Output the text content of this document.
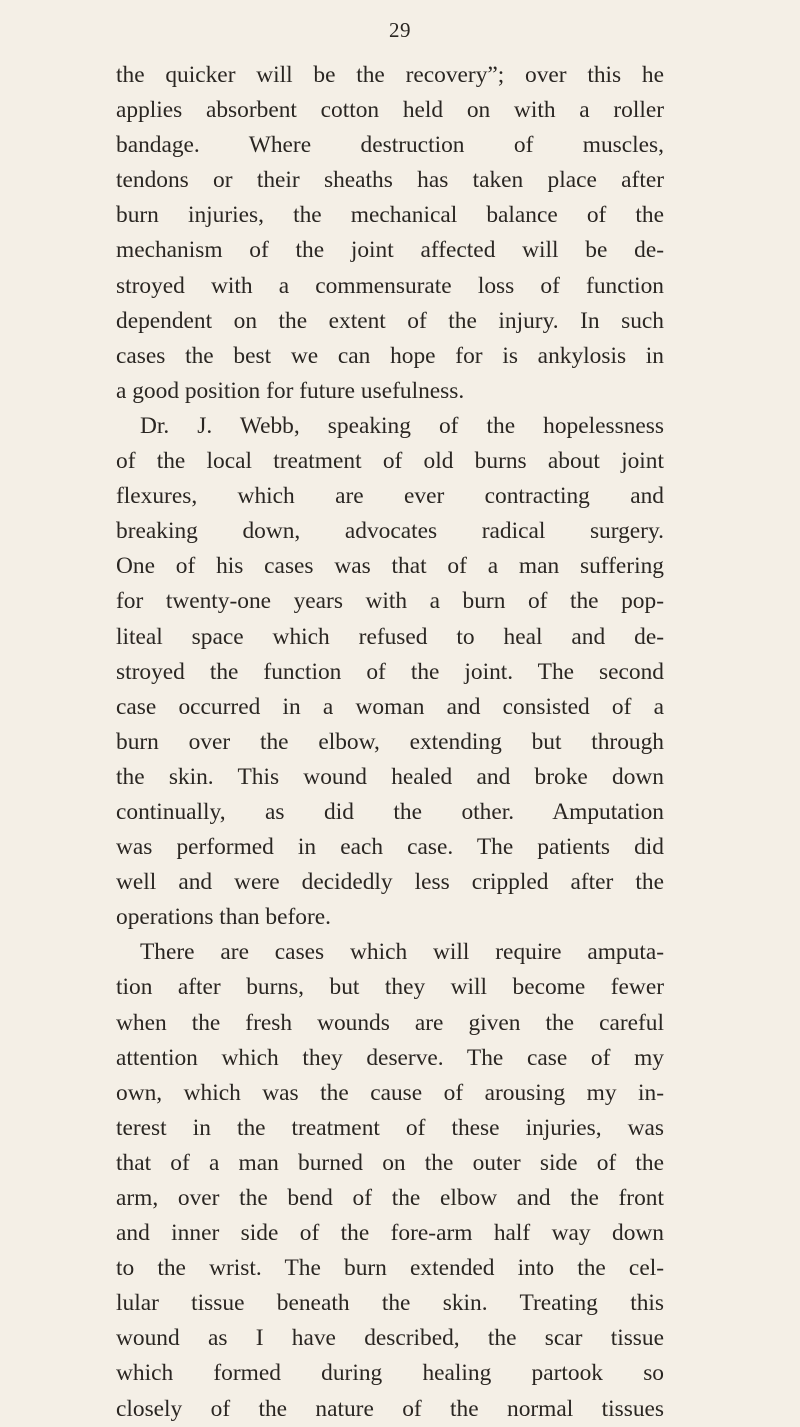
29
the quicker will be the recovery”; over this he
applies absorbent cotton held on with a roller
bandage. Where destruction of muscles,
tendons or their sheaths has taken place after
burn injuries, the mechanical balance of the
mechanism of the joint affected will be de-
stroyed with a commensurate loss of function
dependent on the extent of the injury. In such
cases the best we can hope for is ankylosis in
a good position for future usefulness.
Dr. J. Webb, speaking of the hopelessness
of the local treatment of old burns about joint
flexures, which are ever contracting and
breaking down, advocates radical surgery.
One of his cases was that of a man suffering
for twenty-one years with a burn of the pop-
liteal space which refused to heal and de-
stroyed the function of the joint. The second
case occurred in a woman and consisted of a
burn over the elbow, extending but through
the skin. This wound healed and broke down
continually, as did the other. Amputation
was performed in each case. The patients did
well and were decidedly less crippled after the
operations than before.
There are cases which will require amputa-
tion after burns, but they will become fewer
when the fresh wounds are given the careful
attention which they deserve. The case of my
own, which was the cause of arousing my in-
terest in the treatment of these injuries, was
that of a man burned on the outer side of the
arm, over the bend of the elbow and the front
and inner side of the fore-arm half way down
to the wrist. The burn extended into the cel-
lular tissue beneath the skin. Treating this
wound as I have described, the scar tissue
which formed during healing partook so
closely of the nature of the normal tissues
